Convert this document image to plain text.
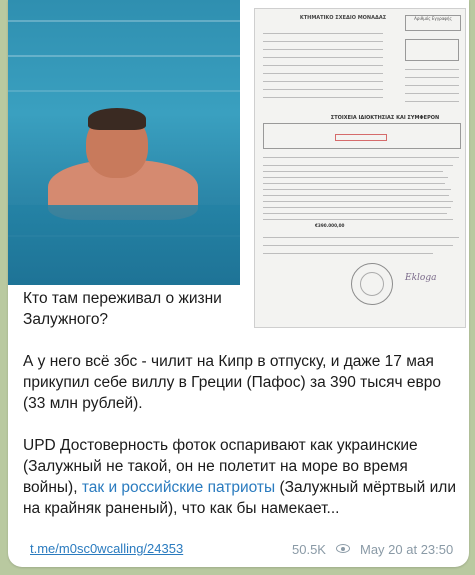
ΚΤΗΜΑΤΙΚΟ ΣΧΕΔΙΟ ΜΟΝΑΔΑΣ	Αριθμός Εγγραφής
ΣΤΟΙΧΕΙΑ ΙΔΙΟΚΤΗΣΙΑΣ ΚΑΙ ΣΥΜΦΕΡΟΝ
€390.000,00
Ekloga

Кто там переживал о жизни Залужного?

А у него всё збс - чилит на Кипр в отпуску, и даже 17 мая прикупил себе виллу в Греции (Пафос) за 390 тысяч евро (33 млн рублей).

UPD Достоверность фоток оспаривают как украинские (Залужный не такой, он не полетит на море во время войны), так и российские патриоты (Залужный мёртвый или на крайняк раненый), что как бы намекает...

t.me/m0sc0wcalling/24353	50.5K	May 20 at 23:50
